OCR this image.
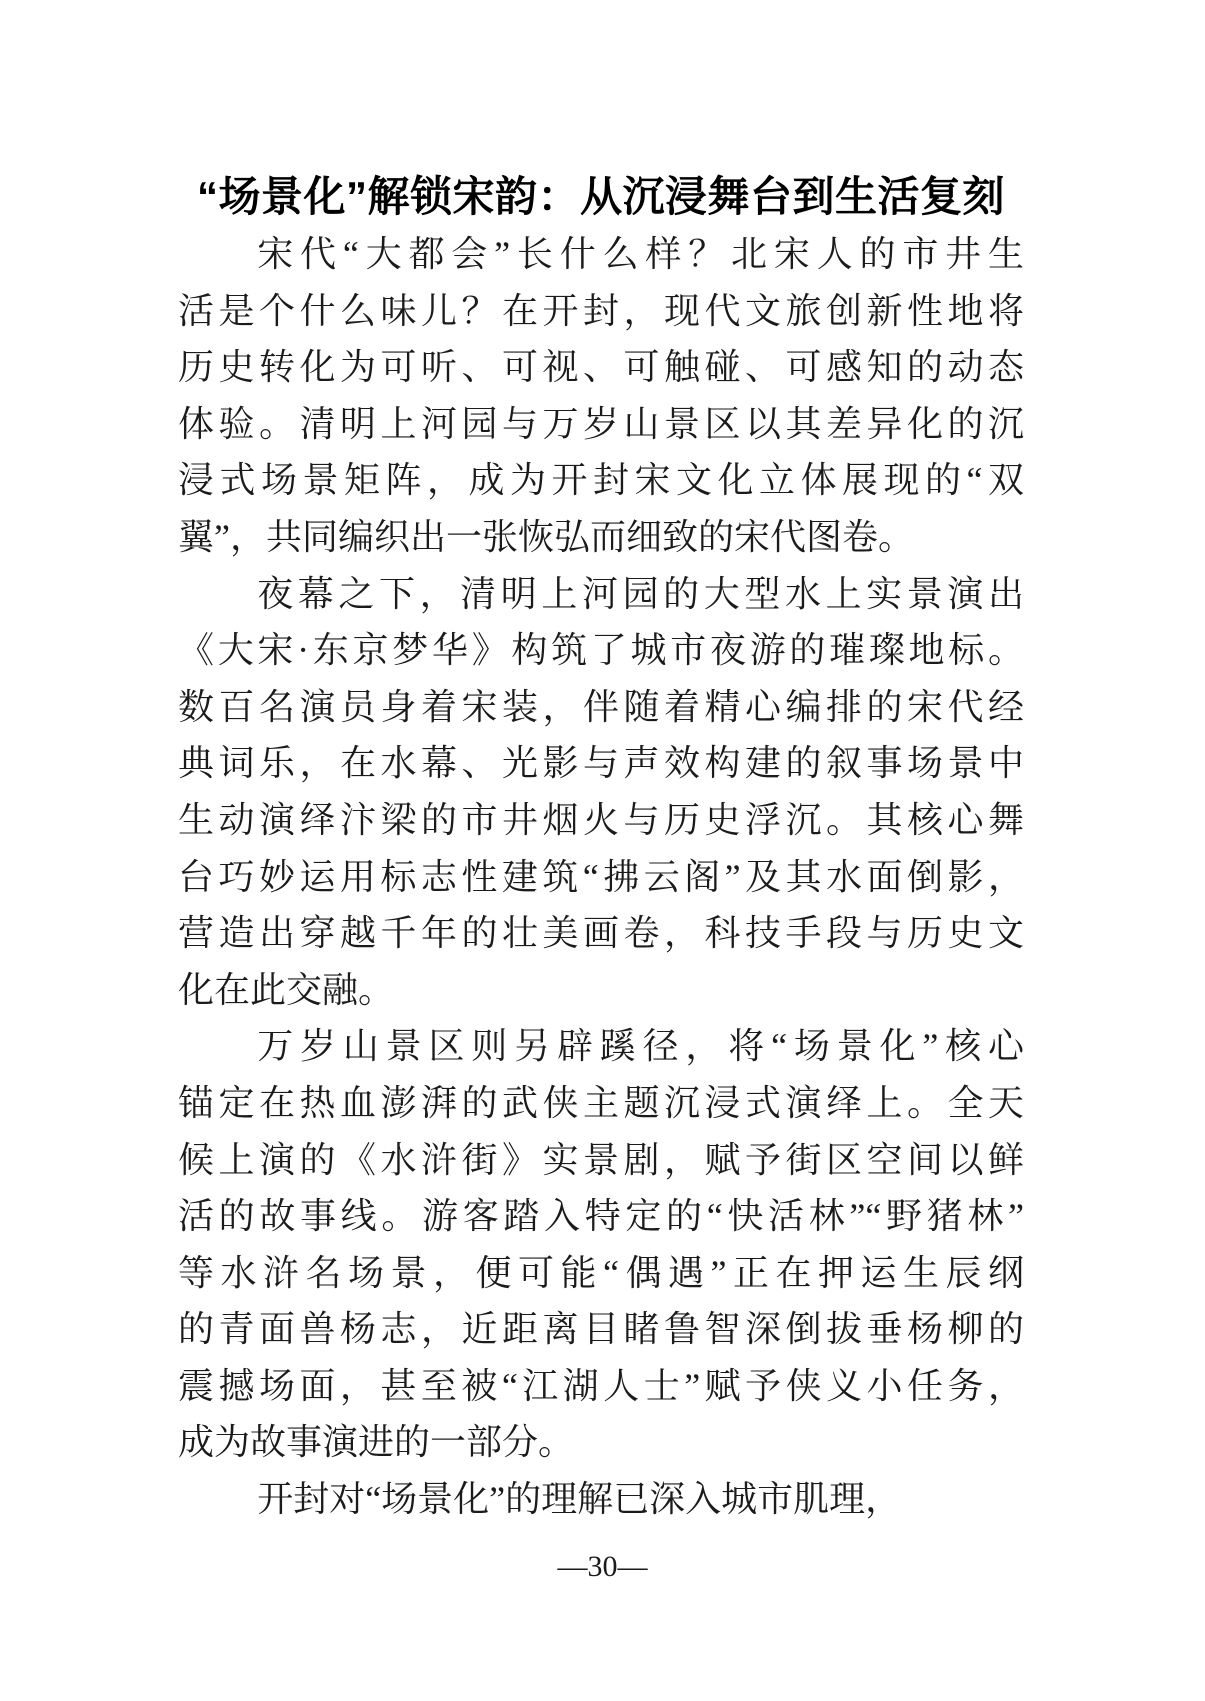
“场景化”解锁宋韵：从沉浸舞台到生活复刻
宋代“大都会”长什么样？北宋人的市井生
活是个什么味儿？在开封，现代文旅创新性地将
历史转化为可听、可视、可触碰、可感知的动态
体验。清明上河园与万岁山景区以其差异化的沉
浸式场景矩阵，成为开封宋文化立体展现的“双
翼”，共同编织出一张恢弘而细致的宋代图卷。
夜幕之下，清明上河园的大型水上实景演出
《大宋·东京梦华》构筑了城市夜游的璀璨地标。
数百名演员身着宋装，伴随着精心编排的宋代经
典词乐，在水幕、光影与声效构建的叙事场景中
生动演绎汴梁的市井烟火与历史浮沉。其核心舞
台巧妙运用标志性建筑“拂云阁”及其水面倒影，
营造出穿越千年的壮美画卷，科技手段与历史文
化在此交融。
万岁山景区则另辟蹊径，将“场景化”核心
锚定在热血澎湃的武侠主题沉浸式演绎上。全天
候上演的《水浒街》实景剧，赋予街区空间以鲜
活的故事线。游客踏入特定的“快活林”“野猪林”
等水浒名场景，便可能“偶遇”正在押运生辰纲
的青面兽杨志，近距离目睹鲁智深倒拔垂杨柳的
震撼场面，甚至被“江湖人士”赋予侠义小任务，
成为故事演进的一部分。
开封对“场景化”的理解已深入城市肌理，
—30—
